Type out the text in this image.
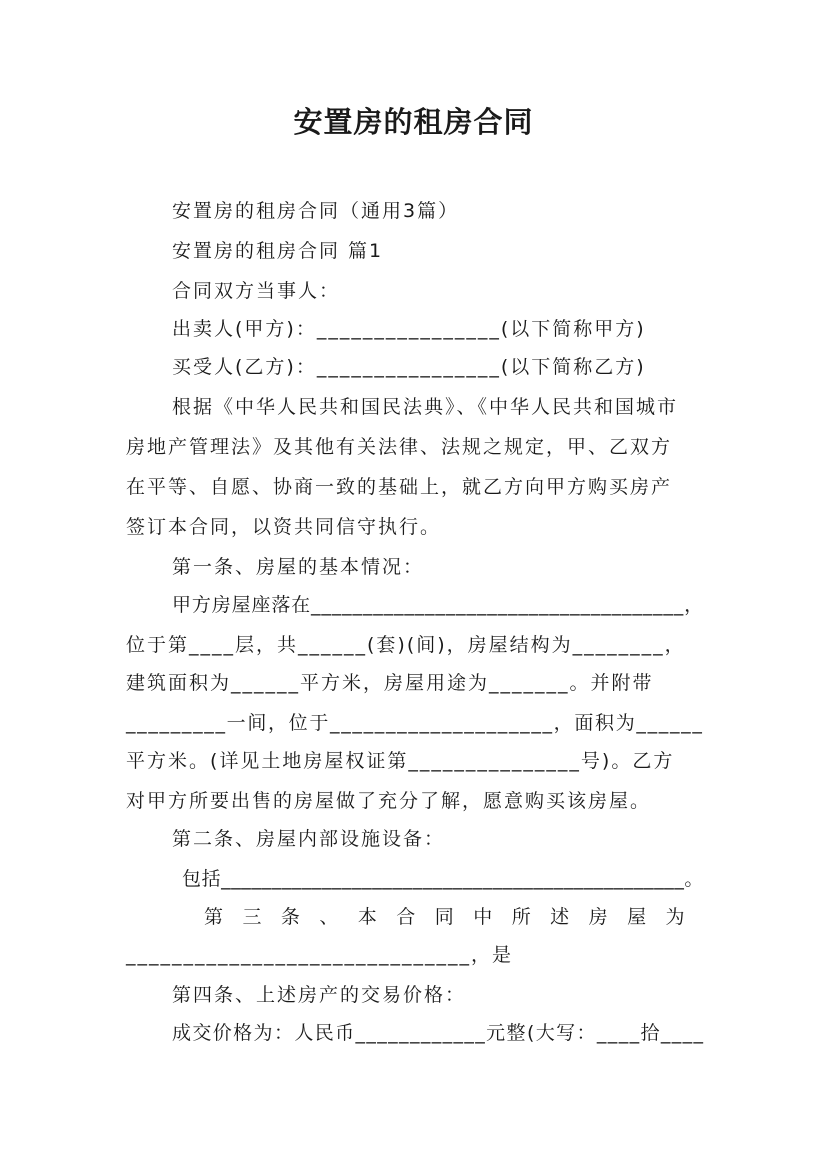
安置房的租房合同
安置房的租房合同（通用3篇）
安置房的租房合同 篇1
合同双方当事人：
出卖人(甲方)：________________(以下简称甲方)
买受人(乙方)：________________(以下简称乙方)
根据《中华人民共和国民法典》、《中华人民共和国城市
房地产管理法》及其他有关法律、法规之规定，甲、乙双方
在平等、自愿、协商一致的基础上，就乙方向甲方购买房产
签订本合同，以资共同信守执行。
第一条、房屋的基本情况：
甲方房屋座落在____________________________________，
位于第____层，共______(套)(间)，房屋结构为________，
建筑面积为______平方米，房屋用途为_______。并附带
_________一间，位于____________________，面积为______
平方米。(详见土地房屋权证第_______________号)。乙方
对甲方所要出售的房屋做了充分了解，愿意购买该房屋。
第二条、房屋内部设施设备：
包括______________________________________________。
第三条、本合同中所述房屋为
______________________________，是
第四条、上述房产的交易价格：
成交价格为：人民币____________元整(大写：____拾____
